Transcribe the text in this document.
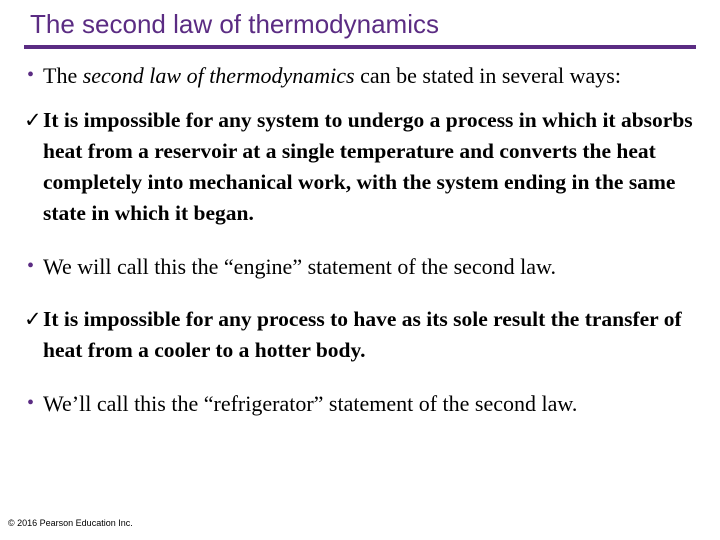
The second law of thermodynamics
• The second law of thermodynamics can be stated in several ways:
✓ It is impossible for any system to undergo a process in which it absorbs heat from a reservoir at a single temperature and converts the heat completely into mechanical work, with the system ending in the same state in which it began.
• We will call this the “engine” statement of the second law.
✓ It is impossible for any process to have as its sole result the transfer of heat from a cooler to a hotter body.
• We’ll call this the “refrigerator” statement of the second law.
© 2016 Pearson Education Inc.
